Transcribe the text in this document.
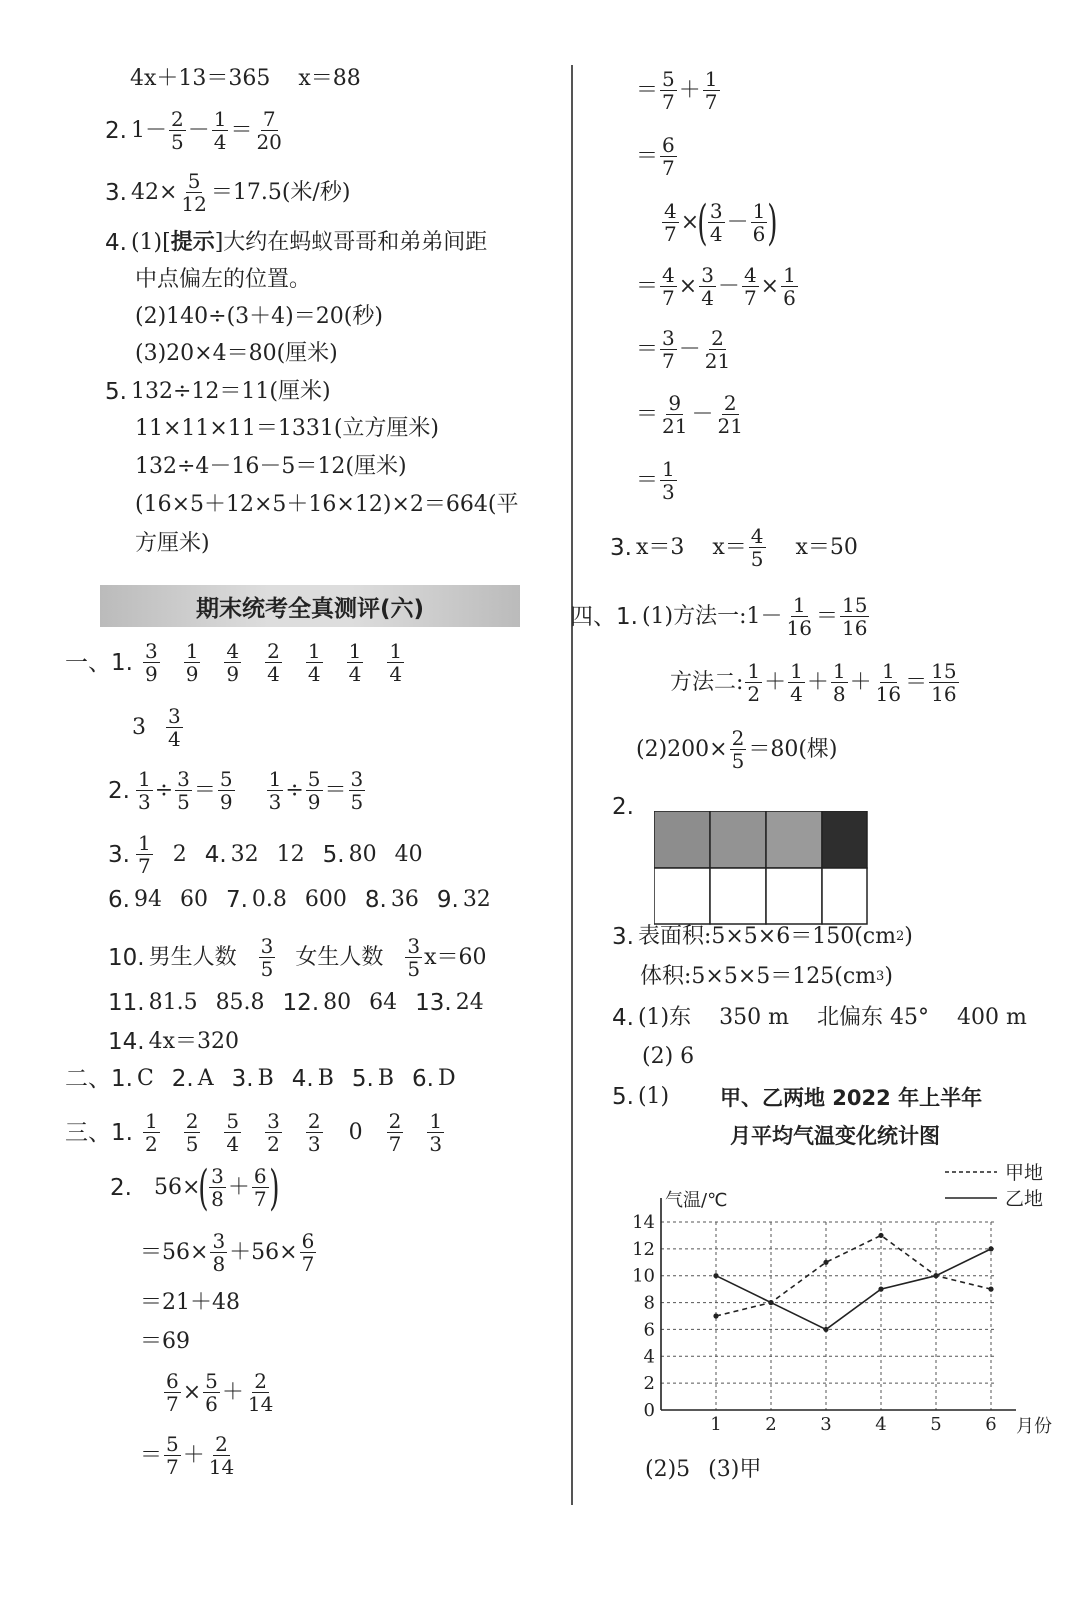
4x＋13＝365 x＝88
2. $1- \frac{2}{5} - \frac{1}{4} = \frac{7}{20}$
3. $42\times \frac{5}{12} =17.5$(米/秒)
4. (1)[ 提示 ]大约在蚂蚁哥哥和弟弟间距
中点偏左的位置。
(2)140÷(3＋4)＝20(秒)
(3)20×4＝80(厘米)
5. 132÷12＝11(厘米)
11×11×11＝1331(立方厘米)
132÷4－16－5＝12(厘米)
(16×5＋12×5＋16×12)×2＝664(平
方厘米)
期末统考全真测评(六)
一、1. $\frac{3}{9} \frac{1}{9} \frac{4}{9} \frac{2}{4} \frac{1}{4} \frac{1}{4} \frac{1}{4}$
$3 \frac{3}{4}$
2. $\frac{1}{3} \div \frac{3}{5} = \frac{5}{9} \frac{1}{3} \div \frac{5}{9} = \frac{3}{5}$
3. $\frac{1}{7} 2$ 4. 32 12 5. 80 40
6. 94 60 7. 0.8 600 8. 36 9. 32
10. 男生人数 $\frac{3}{5}$ 女生人数 $\frac{3}{5} x=60$
11. 81.5 85.8 12. 80 64 13. 24
14. 4x＝320
二、1. C 2. A 3. B 4. B 5. B 6. D
三、1. $\frac{1}{2} \frac{2}{5} \frac{5}{4} \frac{3}{2} \frac{2}{3} 0 \frac{2}{7} \frac{1}{3}$
2. 56×
( $\frac{3}{8} + \frac{6}{7}$ )
$=56\times \frac{3}{8} +56\times \frac{6}{7}$
＝21＋48
＝69
$\frac{6}{7} \times \frac{5}{6} + \frac{2}{14}$
＝ $\frac{5}{7} + \frac{2}{14}$
＝ $\frac{5}{7} + \frac{1}{7}$
＝ $\frac{6}{7}$
$\frac{4}{7}$ ×
( $\frac{3}{4} - \frac{1}{6}$ )
＝ $\frac{4}{7} \times \frac{3}{4} - \frac{4}{7} \times \frac{1}{6}$
＝ $\frac{3}{7} - \frac{2}{21}$
＝ $\frac{9}{21} - \frac{2}{21}$
＝ $\frac{1}{3}$
3. x＝3 $x= \frac{4}{5} x=50$
四、1. (1)方法一:1－ $\frac{1}{16} = \frac{15}{16}$
方法二: $\frac{1}{2} + \frac{1}{4} + \frac{1}{8} + \frac{1}{16} = \frac{15}{16}$
$(2)200\times \frac{2}{5} =80$(棵)
2.
3. 表面积:5×5×6＝150(cm 2 )
体积:5×5×5＝125(cm 3 )
4. (1)东 350 m 北偏东 45° 400 m
(2) 6
5. (1) 甲、乙两地 2022 年上半年
月平均气温变化统计图
0
2
4
6
8
10
12
14
1 2 3 4 5 6
气温/℃
月份
甲地
乙地
(2)5 (3)甲
